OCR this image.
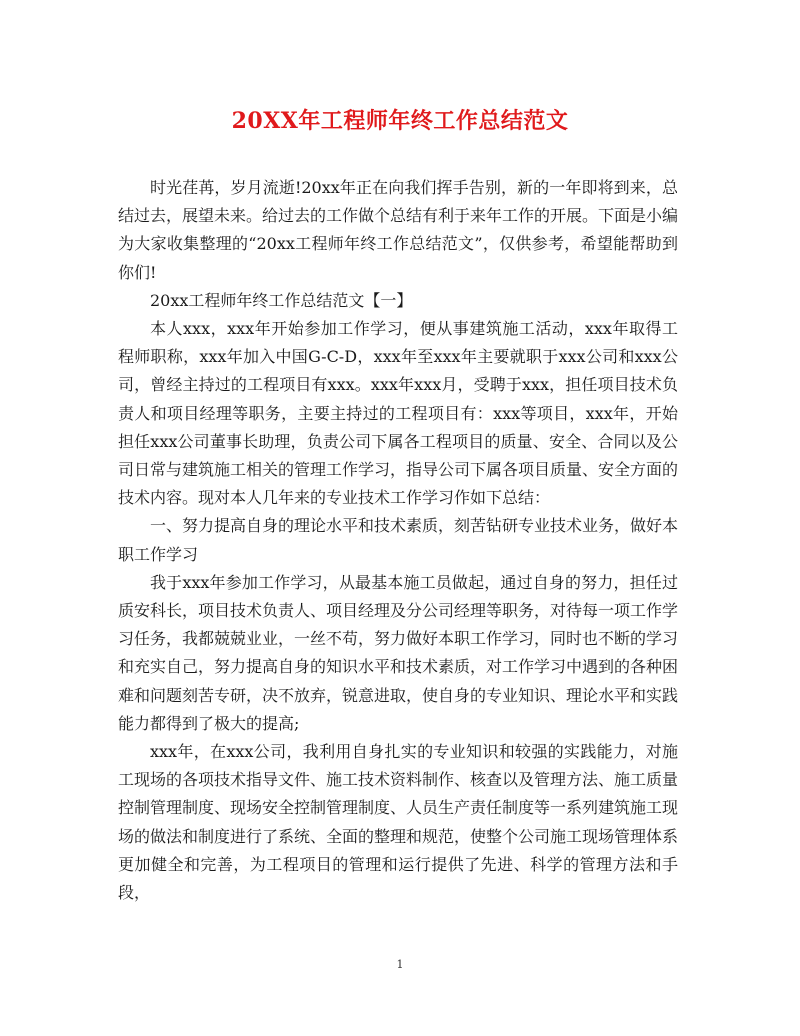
20XX年工程师年终工作总结范文

时光荏苒，岁月流逝!20xx年正在向我们挥手告别，新的一年即将到来，总结过去，展望未来。给过去的工作做个总结有利于来年工作的开展。下面是小编为大家收集整理的“20xx工程师年终工作总结范文”，仅供参考，希望能帮助到你们!

20xx工程师年终工作总结范文【一】

本人xxx，xxx年开始参加工作学习，便从事建筑施工活动，xxx年取得工程师职称，xxx年加入中国G-C-D，xxx年至xxx年主要就职于xxx公司和xxx公司，曾经主持过的工程项目有xxx。xxx年xxx月，受聘于xxx，担任项目技术负责人和项目经理等职务，主要主持过的工程项目有：xxx等项目，xxx年，开始担任xxx公司董事长助理，负责公司下属各工程项目的质量、安全、合同以及公司日常与建筑施工相关的管理工作学习，指导公司下属各项目质量、安全方面的技术内容。现对本人几年来的专业技术工作学习作如下总结：

一、努力提高自身的理论水平和技术素质，刻苦钻研专业技术业务，做好本职工作学习

我于xxx年参加工作学习，从最基本施工员做起，通过自身的努力，担任过质安科长，项目技术负责人、项目经理及分公司经理等职务，对待每一项工作学习任务，我都兢兢业业，一丝不苟，努力做好本职工作学习，同时也不断的学习和充实自己，努力提高自身的知识水平和技术素质，对工作学习中遇到的各种困难和问题刻苦专研，决不放弃，锐意进取，使自身的专业知识、理论水平和实践能力都得到了极大的提高;

xxx年，在xxx公司，我利用自身扎实的专业知识和较强的实践能力，对施工现场的各项技术指导文件、施工技术资料制作、核查以及管理方法、施工质量控制管理制度、现场安全控制管理制度、人员生产责任制度等一系列建筑施工现场的做法和制度进行了系统、全面的整理和规范，使整个公司施工现场管理体系更加健全和完善，为工程项目的管理和运行提供了先进、科学的管理方法和手段，

1
